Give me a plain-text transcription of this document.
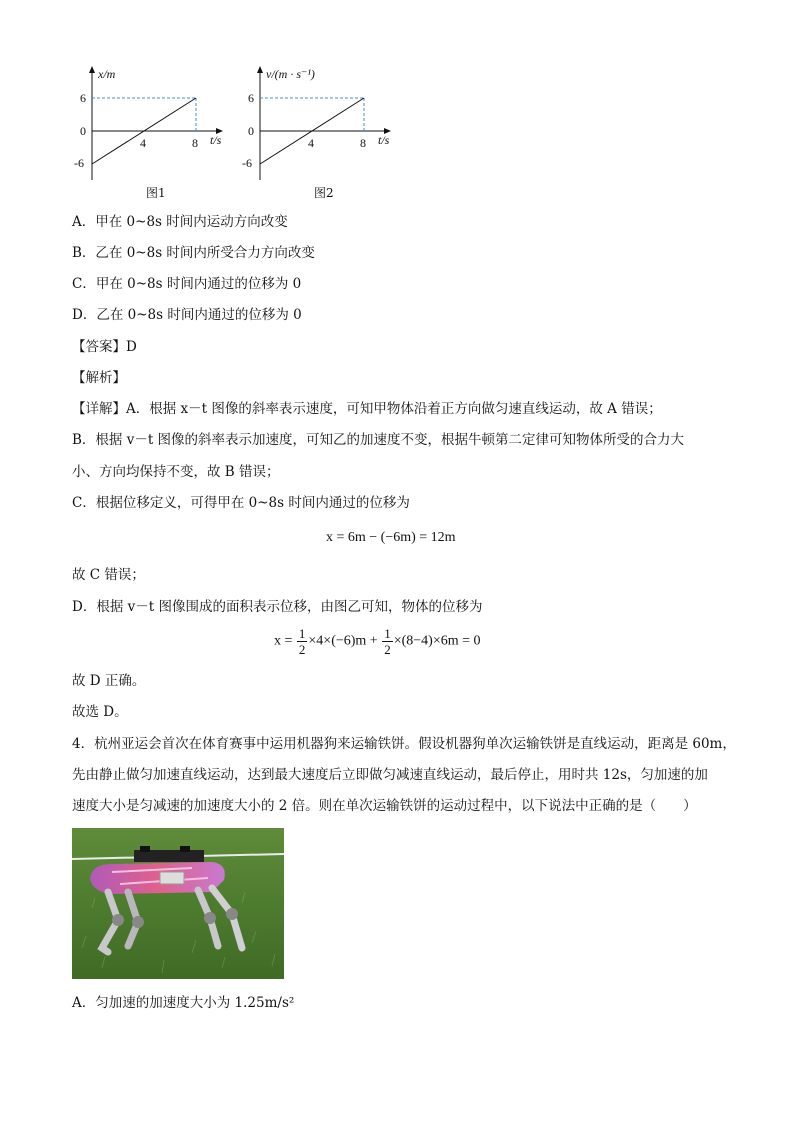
x/m
t/s
6
0
-6
4	8
图1
v/(m · s⁻¹)
t/s
6
0
-6
4	8
图2
A．甲在 0~8s 时间内运动方向改变
B．乙在 0~8s 时间内所受合力方向改变
C．甲在 0~8s 时间内通过的位移为 0
D．乙在 0~8s 时间内通过的位移为 0
【答案】D
【解析】
【详解】A．根据 x－t 图像的斜率表示速度，可知甲物体沿着正方向做匀速直线运动，故 A 错误；
B．根据 v－t 图像的斜率表示加速度，可知乙的加速度不变，根据牛顿第二定律可知物体所受的合力大
小、方向均保持不变，故 B 错误；
C．根据位移定义，可得甲在 0~8s 时间内通过的位移为
x = 6m − (−6m) = 12m
故 C 错误；
D．根据 v－t 图像围成的面积表示位移，由图乙可知，物体的位移为
$x = \frac{1}{2} \times 4\times(-6)m + \frac{1}{2} \times(8-4)\times 6m = 0$
故 D 正确。
故选 D。
4．杭州亚运会首次在体育赛事中运用机器狗来运输铁饼。假设机器狗单次运输铁饼是直线运动，距离是 60m，
先由静止做匀加速直线运动，达到最大速度后立即做匀减速直线运动，最后停止，用时共 12s，匀加速的加
速度大小是匀减速的加速度大小的 2 倍。则在单次运输铁饼的运动过程中，以下说法中正确的是（　　）
A．匀加速的加速度大小为 1.25m/s²
